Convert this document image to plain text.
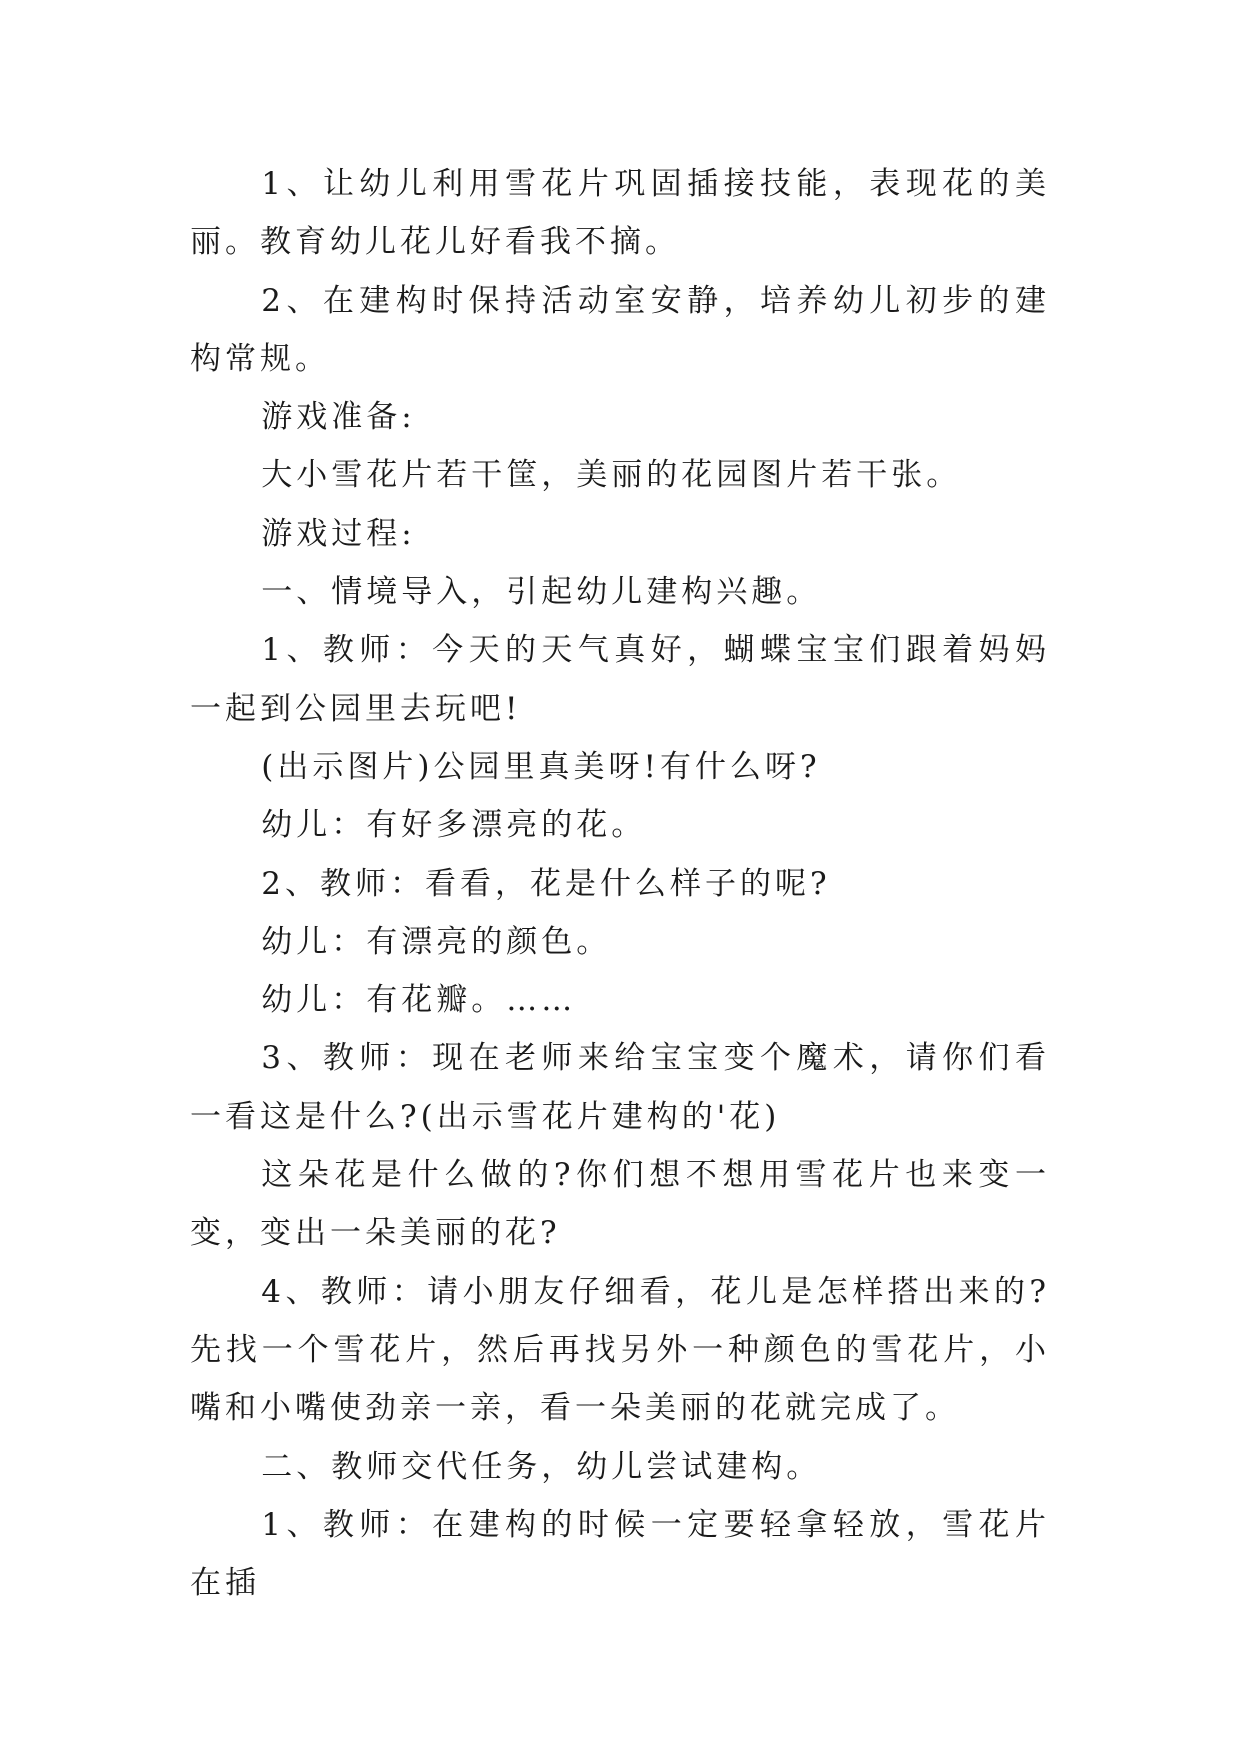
1、让幼儿利用雪花片巩固插接技能，表现花的美丽。教育幼儿花儿好看我不摘。

2、在建构时保持活动室安静，培养幼儿初步的建构常规。

游戏准备:

大小雪花片若干筐，美丽的花园图片若干张。

游戏过程:

一、情境导入，引起幼儿建构兴趣。

1、教师：今天的天气真好，蝴蝶宝宝们跟着妈妈一起到公园里去玩吧!

(出示图片)公园里真美呀!有什么呀?

幼儿：有好多漂亮的花。

2、教师：看看，花是什么样子的呢?

幼儿：有漂亮的颜色。

幼儿：有花瓣。……

3、教师：现在老师来给宝宝变个魔术，请你们看一看这是什么?(出示雪花片建构的'花)

这朵花是什么做的?你们想不想用雪花片也来变一变，变出一朵美丽的花?

4、教师：请小朋友仔细看，花儿是怎样搭出来的?先找一个雪花片，然后再找另外一种颜色的雪花片，小嘴和小嘴使劲亲一亲，看一朵美丽的花就完成了。

二、教师交代任务，幼儿尝试建构。

1、教师：在建构的时候一定要轻拿轻放，雪花片在插
